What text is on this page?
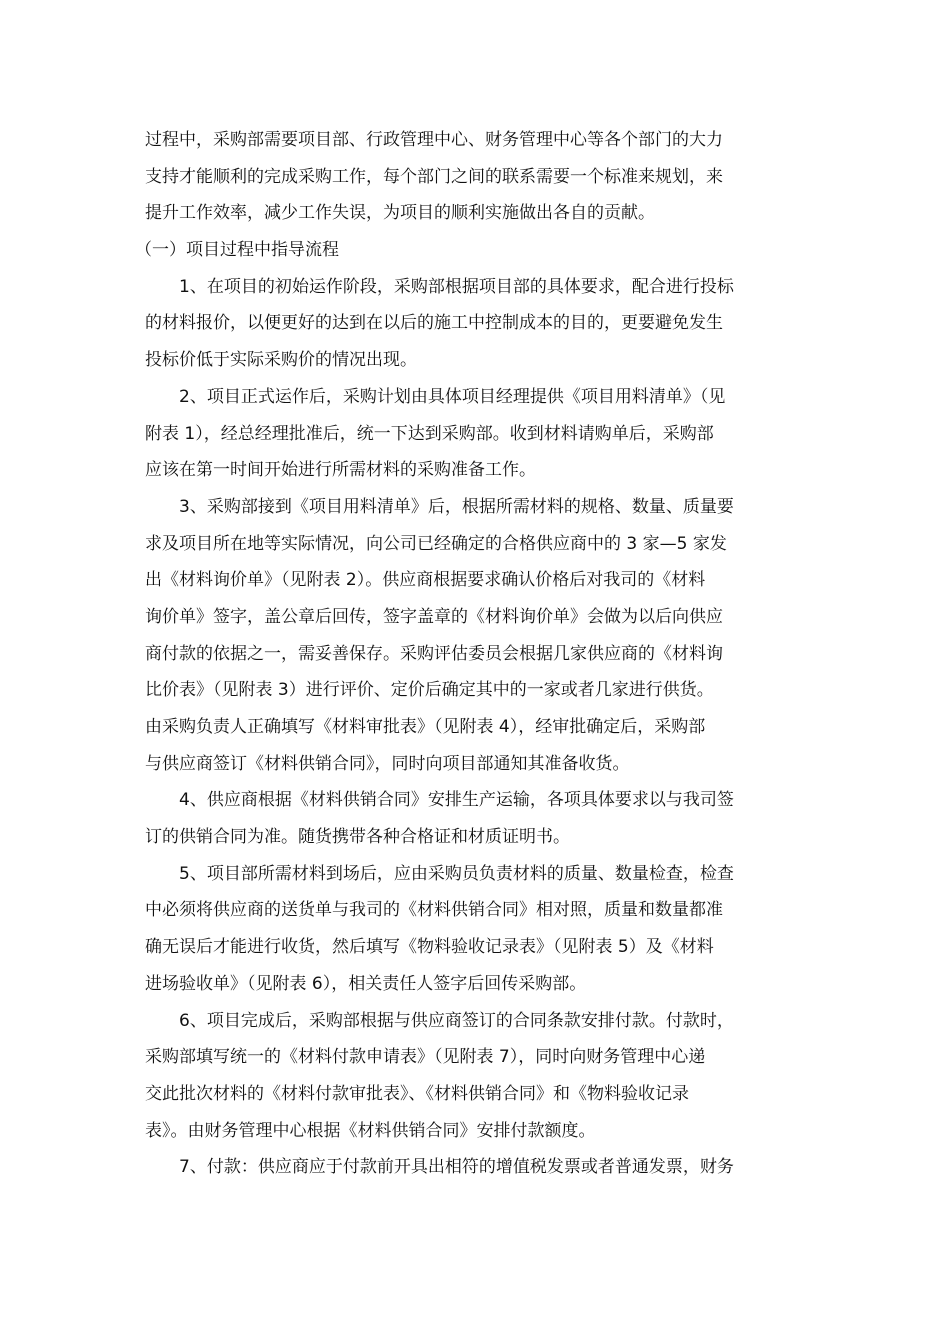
过程中，采购部需要项目部、行政管理中心、财务管理中心等各个部门的大力
支持才能顺利的完成采购工作，每个部门之间的联系需要一个标准来规划，来
提升工作效率，减少工作失误，为项目的顺利实施做出各自的贡献。
（一）项目过程中指导流程
1、在项目的初始运作阶段，采购部根据项目部的具体要求，配合进行投标
的材料报价，以便更好的达到在以后的施工中控制成本的目的，更要避免发生
投标价低于实际采购价的情况出现。
2、项目正式运作后，采购计划由具体项目经理提供《项目用料清单》（见
附表 1），经总经理批准后，统一下达到采购部。收到材料请购单后，采购部
应该在第一时间开始进行所需材料的采购准备工作。
3、采购部接到《项目用料清单》后，根据所需材料的规格、数量、质量要
求及项目所在地等实际情况，向公司已经确定的合格供应商中的 3 家—5 家发
出《材料询价单》（见附表 2）。供应商根据要求确认价格后对我司的《材料
询价单》签字，盖公章后回传，签字盖章的《材料询价单》会做为以后向供应
商付款的依据之一，需妥善保存。采购评估委员会根据几家供应商的《材料询
比价表》（见附表 3）进行评价、定价后确定其中的一家或者几家进行供货。
由采购负责人正确填写《材料审批表》（见附表 4），经审批确定后，采购部
与供应商签订《材料供销合同》，同时向项目部通知其准备收货。
4、供应商根据《材料供销合同》安排生产运输，各项具体要求以与我司签
订的供销合同为准。随货携带各种合格证和材质证明书。
5、项目部所需材料到场后，应由采购员负责材料的质量、数量检查，检查
中必须将供应商的送货单与我司的《材料供销合同》相对照，质量和数量都准
确无误后才能进行收货，然后填写《物料验收记录表》（见附表 5）及《材料
进场验收单》（见附表 6），相关责任人签字后回传采购部。
6、项目完成后，采购部根据与供应商签订的合同条款安排付款。付款时，
采购部填写统一的《材料付款申请表》（见附表 7），同时向财务管理中心递
交此批次材料的《材料付款审批表》、《材料供销合同》和《物料验收记录
表》。由财务管理中心根据《材料供销合同》安排付款额度。
7、付款：供应商应于付款前开具出相符的增值税发票或者普通发票，财务
